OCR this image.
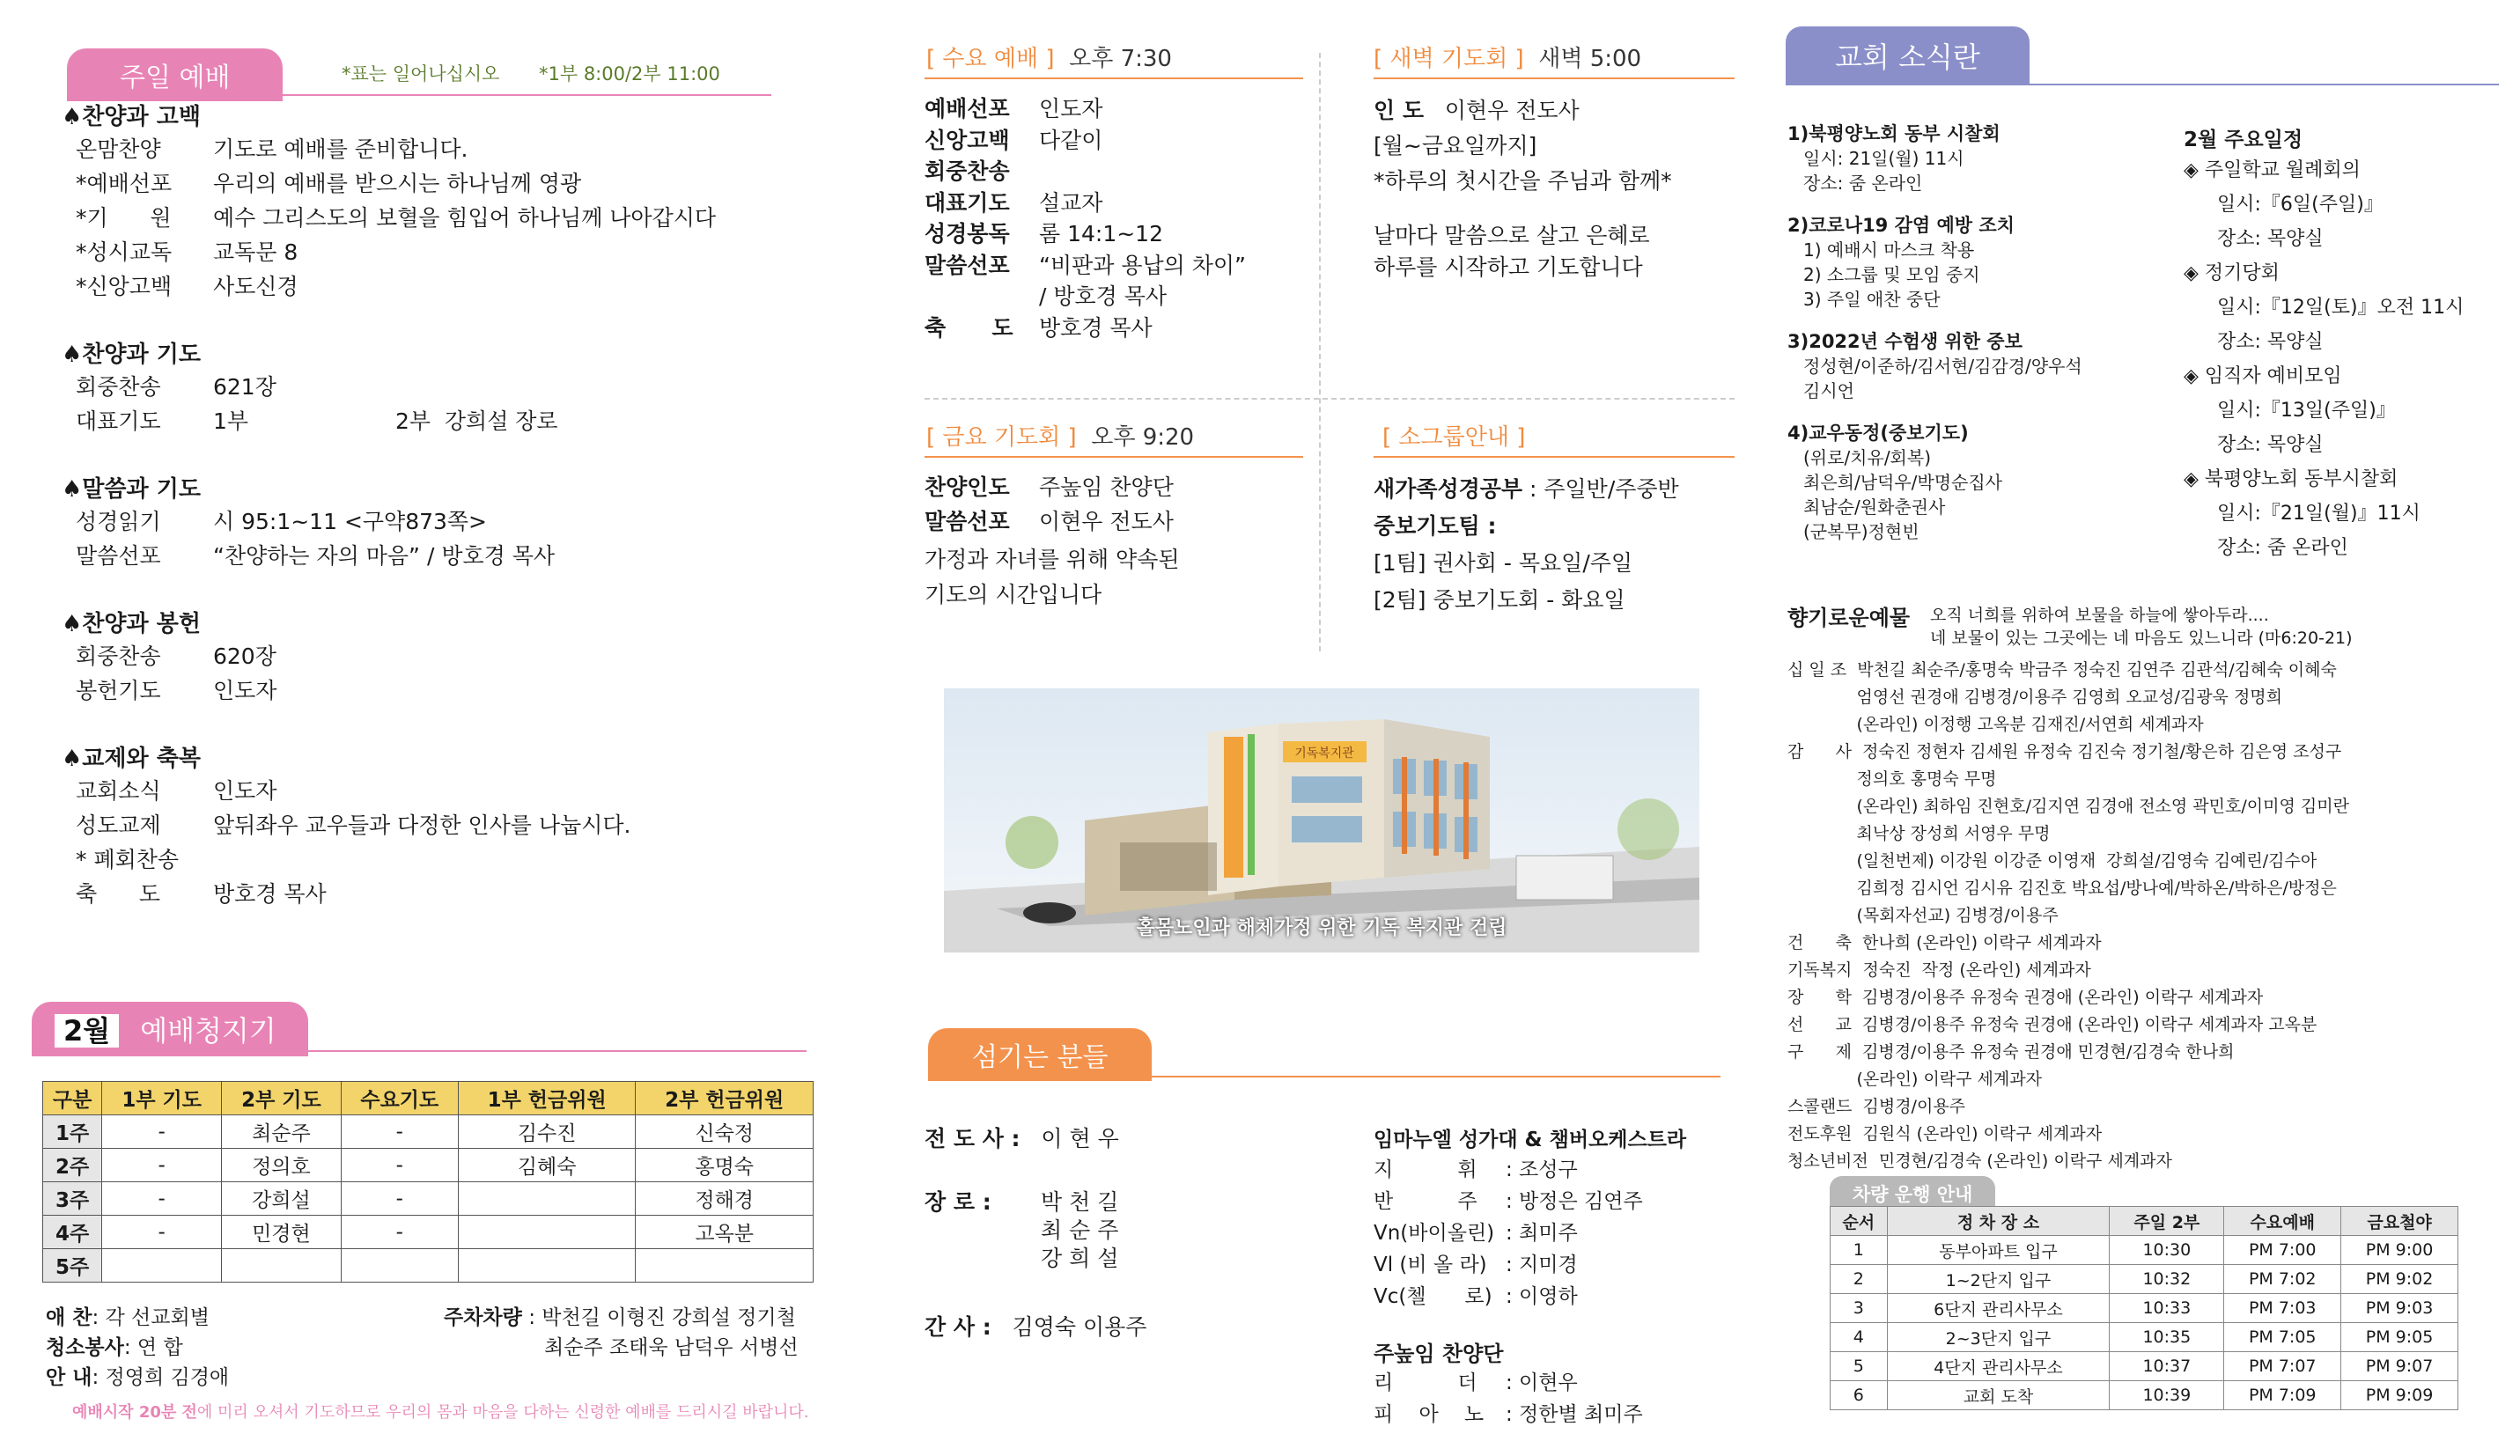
주일 예배	*표는 일어나십시오 *1부 8:00/2부 11:00
♠찬양과 고백
온맘찬양 기도로 예배를 준비합니다.
*예배선포 우리의 예배를 받으시는 하나님께 영광
*기      원 예수 그리스도의 보혈을 힘입어 하나님께 나아갑시다
*성시교독 교독문 8
*신앙고백 사도신경
♠찬양과 기도
회중찬송 621장
대표기도 1부                     2부  강희설 장로
♠말씀과 기도
성경읽기 시 95:1~11 <구약873쪽>
말씀선포 “찬양하는 자의 마음” / 방호경 목사
♠찬양과 봉헌
회중찬송 620장
봉헌기도 인도자
♠교제와 축복
교회소식 인도자
성도교제 앞뒤좌우 교우들과 다정한 인사를 나눕시다.
* 폐회찬송
축      도 방호경 목사
2월 예배청지기
구분	1부 기도	2부 기도	수요기도	1부 헌금위원	2부 헌금위원
1주	-	최순주	-	김수진	신숙정
2주	-	정의호	-	김혜숙	홍명숙
3주	-	강희설	-		정해경
4주	-	민경현	-		고옥분
5주					
애 찬: 각 선교회별
청소봉사: 연 합
안 내: 정영희 김경애
주차차량 : 박천길 이형진 강희설 정기철
최순주 조태욱 남덕우 서병선
예배시작 20분 전에 미리 오셔서 기도하므로 우리의 몸과 마음을 다하는 신령한 예배를 드리시길 바랍니다.
[ 수요 예배 ] 오후 7:30
예배선포 인도자
신앙고백 다같이
회중찬송
대표기도 설교자
성경봉독 롬 14:1~12
말씀선포 “비판과 용납의 차이”
/ 방호경 목사
축      도 방호경 목사
[ 새벽 기도회 ] 새벽 5:00
인 도 이현우 전도사
[월~금요일까지]
*하루의 첫시간을 주님과 함께*
날마다 말씀으로 살고 은혜로
하루를 시작하고 기도합니다
[ 금요 기도회 ] 오후 9:20
찬양인도 주높임 찬양단
말씀선포 이현우 전도사
가정과 자녀를 위해 약속된
기도의 시간입니다
[ 소그룹안내 ]
새가족성경공부 : 주일반/주중반
중보기도팀 :
[1팀] 권사회 - 목요일/주일
[2팀] 중보기도회 - 화요일
기독복지관
홀몸노인과 해체가정 위한 기독 복지관 건립
섬기는 분들
전 도 사 : 이 현 우
장 로 : 박 천 길
최 순 주
강 희 설
간 사 : 김영숙 이용주
임마누엘 성가대 & 챔버오케스트라
지          휘 : 조성구
반          주 : 방정은 김연주
Vn(바이올린) : 최미주
Vl (비 올 라) : 지미경
Vc(첼      로) : 이영하
주높임 찬양단
리          더 : 이현우
피    아    노 : 정한별 최미주
교회 소식란
1)북평양노회 동부 시찰회
일시: 21일(월) 11시
장소: 줌 온라인
2)코로나19 감염 예방 조치
1) 예배시 마스크 착용
2) 소그룹 및 모임 중지
3) 주일 애찬 중단
3)2022년 수험생 위한 중보
정성현/이준하/김서현/김감경/양우석
김시언
4)교우동정(중보기도)
(위로/치유/회복)
최은희/남덕우/박명순집사
최남순/원화춘권사
(군복무)정현빈
2월 주요일정
◈ 주일학교 월례회의
일시:『6일(주일)』
장소: 목양실
◈ 정기당회
일시:『12일(토)』오전 11시
장소: 목양실
◈ 임직자 예비모임
일시:『13일(주일)』
장소: 목양실
◈ 북평양노회 동부시찰회
일시:『21일(월)』11시
장소: 줌 온라인
향기로운예물 오직 너희를 위하여 보물을 하늘에 쌓아두라....
네 보물이 있는 그곳에는 네 마음도 있느니라 (마6:20-21)
십 일 조  박천길 최순주/홍명숙 박금주 정숙진 김연주 김관석/김혜숙 이혜숙
엄영선 권경애 김병경/이용주 김영희 오교성/김광욱 정명희
(온라인) 이정행 고옥분 김재진/서연희 세계과자
감      사  정숙진 정현자 김세원 유정숙 김진숙 정기철/황은하 김은영 조성구
정의호 홍명숙 무명
(온라인) 최하임 진현호/김지연 김경애 전소영 곽민호/이미영 김미란
최낙상 장성희 서영우 무명
(일천번제) 이강원 이강준 이영재  강희설/김영숙 김예린/김수아
김희정 김시언 김시유 김진호 박요섭/방나예/박하온/박하은/방정은
(목회자선교) 김병경/이용주
건      축  한나희 (온라인) 이락구 세계과자
기독복지  정숙진  작정 (온라인) 세계과자
장      학  김병경/이용주 유정숙 권경애 (온라인) 이락구 세계과자
선      교  김병경/이용주 유정숙 권경애 (온라인) 이락구 세계과자 고옥분
구      제  김병경/이용주 유정숙 권경애 민경현/김경숙 한나희
(온라인) 이락구 세계과자
스콜랜드  김병경/이용주
전도후원  김원식 (온라인) 이락구 세계과자
청소년비전  민경현/김경숙 (온라인) 이락구 세계과자
차량 운행 안내
순서	정 차 장 소	주일 2부	수요예배	금요철야
1	동부아파트 입구	10:30	PM 7:00	PM 9:00
2	1~2단지 입구	10:32	PM 7:02	PM 9:02
3	6단지 관리사무소	10:33	PM 7:03	PM 9:03
4	2~3단지 입구	10:35	PM 7:05	PM 9:05
5	4단지 관리사무소	10:37	PM 7:07	PM 9:07
6	교회 도착	10:39	PM 7:09	PM 9:09
